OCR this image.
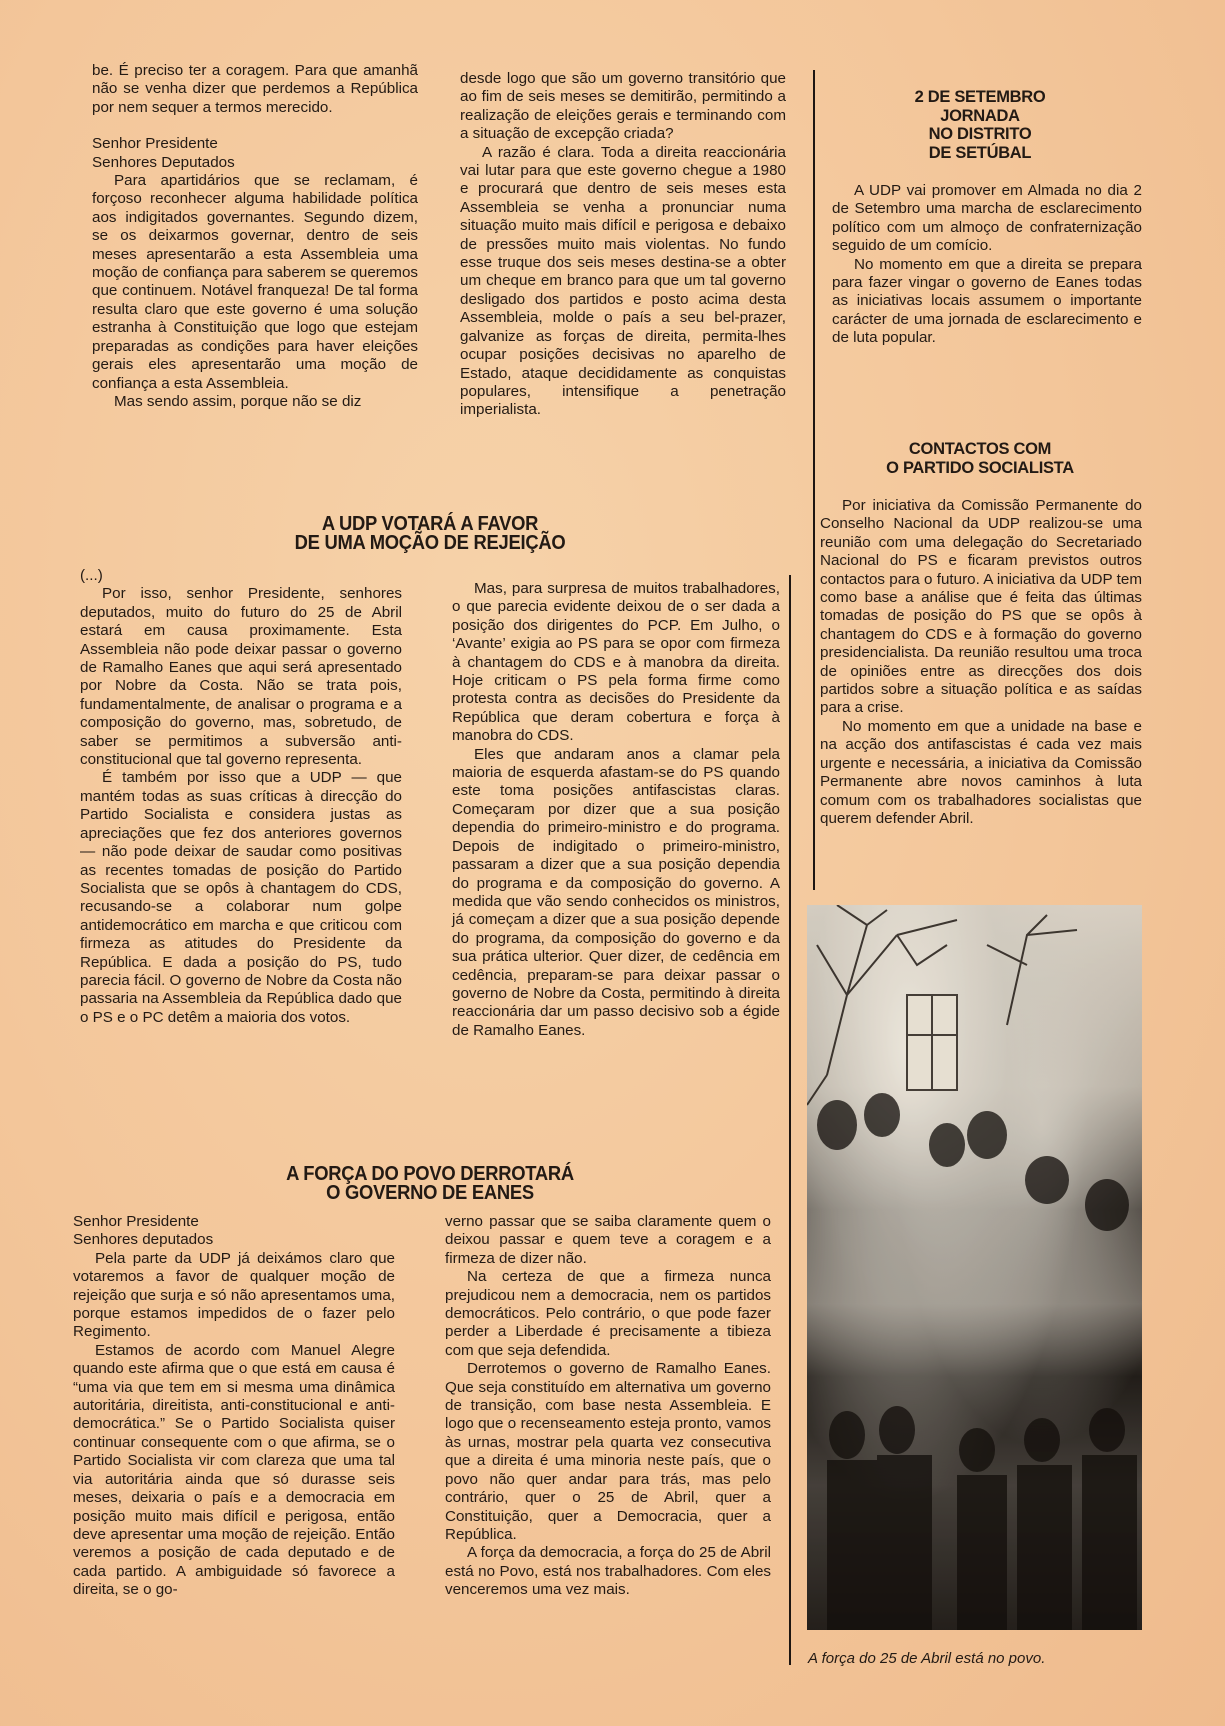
be. É preciso ter a coragem. Para que amanhã não se venha dizer que perdemos a República por nem sequer a termos merecido.

Senhor Presidente

Senhores Deputados

Para apartidários que se reclamam, é forçoso reconhecer alguma habilidade política aos indigitados governantes. Segundo dizem, se os deixarmos governar, dentro de seis meses apresentarão a esta Assembleia uma moção de confiança para saberem se queremos que continuem. Notável franqueza! De tal forma resulta claro que este governo é uma solução estranha à Constituição que logo que estejam preparadas as condições para haver eleições gerais eles apresentarão uma moção de confiança a esta Assembleia.

Mas sendo assim, porque não se diz

desde logo que são um governo transitório que ao fim de seis meses se demitirão, permitindo a realização de eleições gerais e terminando com a situação de excepção criada?

A razão é clara. Toda a direita reaccionária vai lutar para que este governo chegue a 1980 e procurará que dentro de seis meses esta Assembleia se venha a pronunciar numa situação muito mais difícil e perigosa e debaixo de pressões muito mais violentas. No fundo esse truque dos seis meses destina-se a obter um cheque em branco para que um tal governo desligado dos partidos e posto acima desta Assembleia, molde o país a seu bel-prazer, galvanize as forças de direita, permita-lhes ocupar posições decisivas no aparelho de Estado, ataque decididamente as conquistas populares, intensifique a penetração imperialista.

A UDP VOTARÁ A FAVOR
DE UMA MOÇÃO DE REJEIÇÃO

(...)

Por isso, senhor Presidente, senhores deputados, muito do futuro do 25 de Abril estará em causa proximamente. Esta Assembleia não pode deixar passar o governo de Ramalho Eanes que aqui será apresentado por Nobre da Costa. Não se trata pois, fundamentalmente, de analisar o programa e a composição do governo, mas, sobretudo, de saber se permitimos a subversão anti-constitucional que tal governo representa.

É também por isso que a UDP — que mantém todas as suas críticas à direcção do Partido Socialista e considera justas as apreciações que fez dos anteriores governos — não pode deixar de saudar como positivas as recentes tomadas de posição do Partido Socialista que se opôs à chantagem do CDS, recusando-se a colaborar num golpe antidemocrático em marcha e que criticou com firmeza as atitudes do Presidente da República. E dada a posição do PS, tudo parecia fácil. O governo de Nobre da Costa não passaria na Assembleia da República dado que o PS e o PC detêm a maioria dos votos.

Mas, para surpresa de muitos trabalhadores, o que parecia evidente deixou de o ser dada a posição dos dirigentes do PCP. Em Julho, o ‘Avante’ exigia ao PS para se opor com firmeza à chantagem do CDS e à manobra da direita. Hoje criticam o PS pela forma firme como protesta contra as decisões do Presidente da República que deram cobertura e força à manobra do CDS.

Eles que andaram anos a clamar pela maioria de esquerda afastam-se do PS quando este toma posições antifascistas claras. Começaram por dizer que a sua posição dependia do primeiro-ministro e do programa. Depois de indigitado o primeiro-ministro, passaram a dizer que a sua posição dependia do programa e da composição do governo. A medida que vão sendo conhecidos os ministros, já começam a dizer que a sua posição depende do programa, da composição do governo e da sua prática ulterior. Quer dizer, de cedência em cedência, preparam-se para deixar passar o governo de Nobre da Costa, permitindo à direita reaccionária dar um passo decisivo sob a égide de Ramalho Eanes.

A FORÇA DO POVO DERROTARÁ
O GOVERNO DE EANES

Senhor Presidente

Senhores deputados

Pela parte da UDP já deixámos claro que votaremos a favor de qualquer moção de rejeição que surja e só não apresentamos uma, porque estamos impedidos de o fazer pelo Regimento.

Estamos de acordo com Manuel Alegre quando este afirma que o que está em causa é “uma via que tem em si mesma uma dinâmica autoritária, direitista, anti-constitucional e anti-democrática.” Se o Partido Socialista quiser continuar consequente com o que afirma, se o Partido Socialista vir com clareza que uma tal via autoritária ainda que só durasse seis meses, deixaria o país e a democracia em posição muito mais difícil e perigosa, então deve apresentar uma moção de rejeição. Então veremos a posição de cada deputado e de cada partido. A ambiguidade só favorece a direita, se o go-

verno passar que se saiba claramente quem o deixou passar e quem teve a coragem e a firmeza de dizer não.

Na certeza de que a firmeza nunca prejudicou nem a democracia, nem os partidos democráticos. Pelo contrário, o que pode fazer perder a Liberdade é precisamente a tibieza com que seja defendida.

Derrotemos o governo de Ramalho Eanes. Que seja constituído em alternativa um governo de transição, com base nesta Assembleia. E logo que o recenseamento esteja pronto, vamos às urnas, mostrar pela quarta vez consecutiva que a direita é uma minoria neste país, que o povo não quer andar para trás, mas pelo contrário, quer o 25 de Abril, quer a Constituição, quer a Democracia, quer a República.

A força da democracia, a força do 25 de Abril está no Povo, está nos trabalhadores. Com eles venceremos uma vez mais.

2 DE SETEMBRO
JORNADA
NO DISTRITO
DE SETÚBAL

A UDP vai promover em Almada no dia 2 de Setembro uma marcha de esclarecimento político com um almoço de confraternização seguido de um comício.

No momento em que a direita se prepara para fazer vingar o governo de Eanes todas as iniciativas locais assumem o importante carácter de uma jornada de esclarecimento e de luta popular.

CONTACTOS COM
O PARTIDO SOCIALISTA

Por iniciativa da Comissão Permanente do Conselho Nacional da UDP realizou-se uma reunião com uma delegação do Secretariado Nacional do PS e ficaram previstos outros contactos para o futuro. A iniciativa da UDP tem como base a análise que é feita das últimas tomadas de posição do PS que se opôs à chantagem do CDS e à formação do governo presidencialista. Da reunião resultou uma troca de opiniões entre as direcções dos dois partidos sobre a situação política e as saídas para a crise.

No momento em que a unidade na base e na acção dos antifascistas é cada vez mais urgente e necessária, a iniciativa da Comissão Permanente abre novos caminhos à luta comum com os trabalhadores socialistas que querem defender Abril.

A força do 25 de Abril está no povo.
